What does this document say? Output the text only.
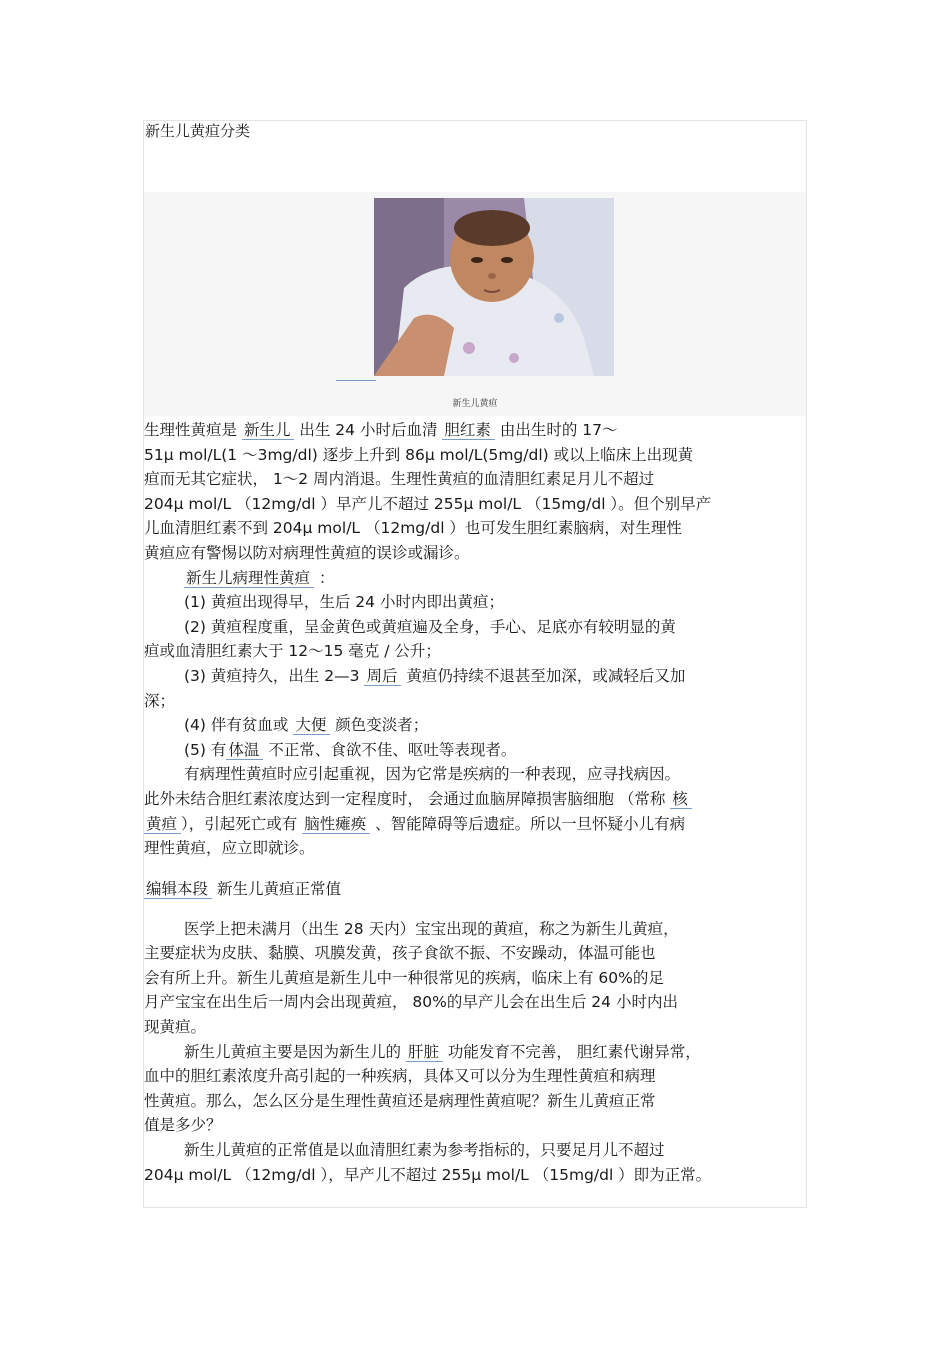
新生儿黄疸分类
新生儿黄疸
生理性黄疸是 新生儿 出生 24 小时后血清 胆红素 由出生时的 17～
51μ mol/L(1 ～3mg/dl) 逐步上升到 86μ mol/L(5mg/dl) 或以上临床上出现黄
疸而无其它症状， 1～2 周内消退。生理性黄疸的血清胆红素足月儿不超过
204μ mol/L （12mg/dl ）早产儿不超过 255μ mol/L （15mg/dl ）。但个别早产
儿血清胆红素不到 204μ mol/L （12mg/dl ）也可发生胆红素脑病，对生理性
黄疸应有警惕以防对病理性黄疸的误诊或漏诊。
新生儿病理性黄疸 ：
(1) 黄疸出现得早，生后 24 小时内即出黄疸；
(2) 黄疸程度重，呈金黄色或黄疸遍及全身，手心、足底亦有较明显的黄
疸或血清胆红素大于 12～15 毫克 / 公升；
(3) 黄疸持久，出生 2—3 周后 黄疸仍持续不退甚至加深，或减轻后又加
深；
(4) 伴有贫血或 大便 颜色变淡者；
(5) 有 体温 不正常、食欲不佳、呕吐等表现者。
有病理性黄疸时应引起重视，因为它常是疾病的一种表现，应寻找病因。
此外未结合胆红素浓度达到一定程度时， 会通过血脑屏障损害脑细胞 （常称 核
黄疸 ），引起死亡或有 脑性瘫痪 、智能障碍等后遗症。所以一旦怀疑小儿有病
理性黄疸，应立即就诊。
编辑本段 新生儿黄疸正常值
医学上把未满月（出生 28 天内）宝宝出现的黄疸，称之为新生儿黄疸，
主要症状为皮肤、黏膜、巩膜发黄，孩子食欲不振、不安躁动，体温可能也
会有所上升。新生儿黄疸是新生儿中一种很常见的疾病，临床上有 60%的足
月产宝宝在出生后一周内会出现黄疸， 80%的早产儿会在出生后 24 小时内出
现黄疸。
新生儿黄疸主要是因为新生儿的 肝脏 功能发育不完善， 胆红素代谢异常，
血中的胆红素浓度升高引起的一种疾病，具体又可以分为生理性黄疸和病理
性黄疸。那么，怎么区分是生理性黄疸还是病理性黄疸呢？新生儿黄疸正常
值是多少？
新生儿黄疸的正常值是以血清胆红素为参考指标的，只要足月儿不超过
204μ mol/L （12mg/dl ），早产儿不超过 255μ mol/L （15mg/dl ）即为正常。
